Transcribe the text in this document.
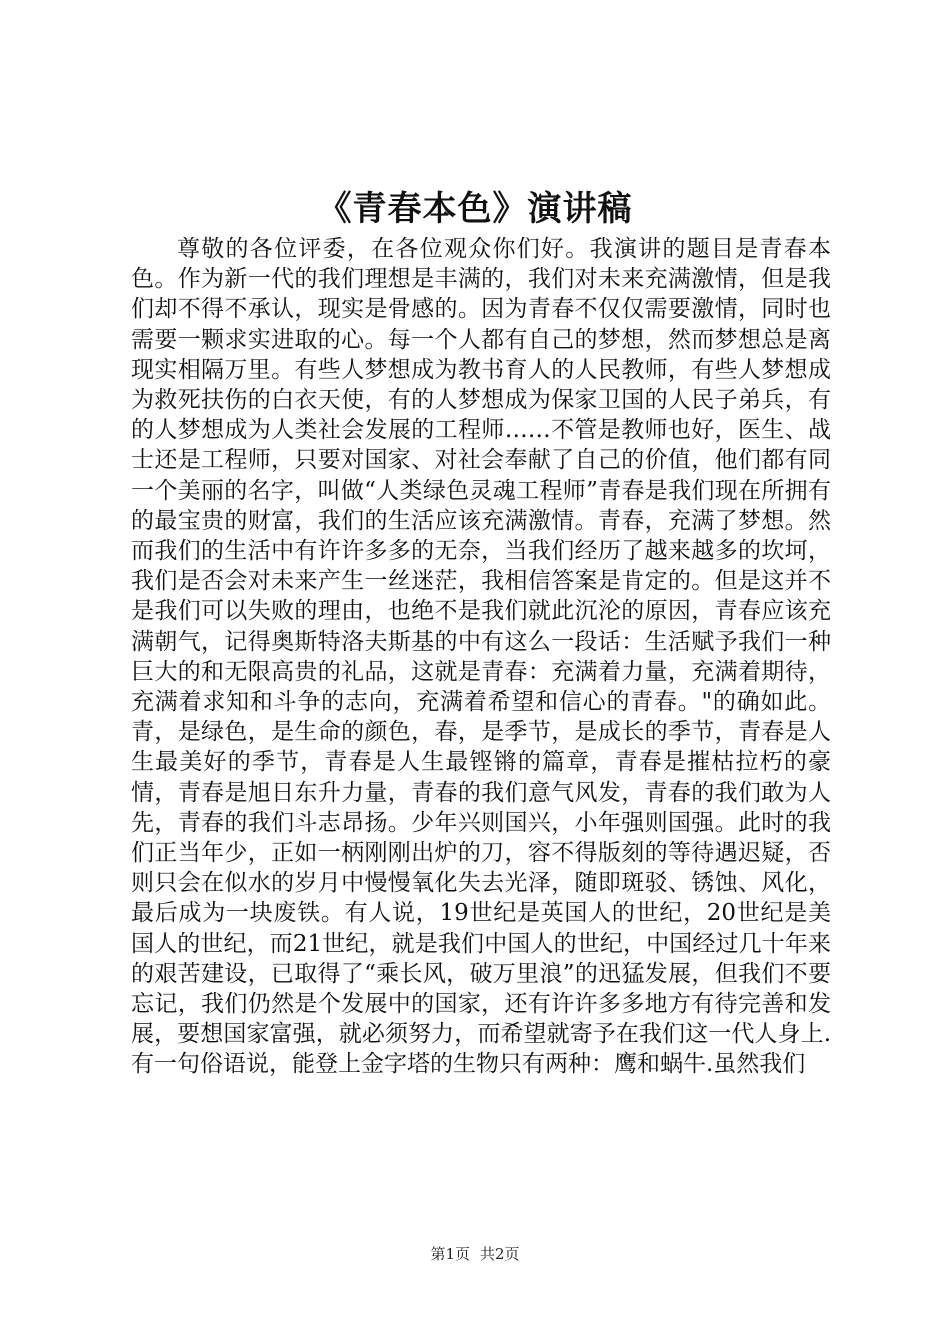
《青春本色》演讲稿

尊敬的各位评委，在各位观众你们好。我演讲的题目是青春本色。作为新一代的我们理想是丰满的，我们对未来充满激情，但是我们却不得不承认，现实是骨感的。因为青春不仅仅需要激情，同时也需要一颗求实进取的心。每一个人都有自己的梦想，然而梦想总是离现实相隔万里。有些人梦想成为教书育人的人民教师，有些人梦想成为救死扶伤的白衣天使，有的人梦想成为保家卫国的人民子弟兵，有的人梦想成为人类社会发展的工程师……不管是教师也好，医生、战士还是工程师，只要对国家、对社会奉献了自己的价值，他们都有同一个美丽的名字，叫做“人类绿色灵魂工程师”青春是我们现在所拥有的最宝贵的财富，我们的生活应该充满激情。青春，充满了梦想。然而我们的生活中有许许多多的无奈，当我们经历了越来越多的坎坷，我们是否会对未来产生一丝迷茫，我相信答案是肯定的。但是这并不是我们可以失败的理由，也绝不是我们就此沉沦的原因，青春应该充满朝气，记得奥斯特洛夫斯基的中有这么一段话：生活赋予我们一种巨大的和无限高贵的礼品，这就是青春：充满着力量，充满着期待，充满着求知和斗争的志向，充满着希望和信心的青春。"的确如此。青，是绿色，是生命的颜色，春，是季节，是成长的季节，青春是人生最美好的季节，青春是人生最铿锵的篇章，青春是摧枯拉朽的豪情，青春是旭日东升力量，青春的我们意气风发，青春的我们敢为人先，青春的我们斗志昂扬。少年兴则国兴，小年强则国强。此时的我们正当年少，正如一柄刚刚出炉的刀，容不得版刻的等待遇迟疑，否则只会在似水的岁月中慢慢氧化失去光泽，随即斑驳、锈蚀、风化，最后成为一块废铁。有人说，19世纪是英国人的世纪，20世纪是美国人的世纪，而21世纪，就是我们中国人的世纪，中国经过几十年来的艰苦建设，已取得了“乘长风，破万里浪”的迅猛发展，但我们不要忘记，我们仍然是个发展中的国家，还有许许多多地方有待完善和发展，要想国家富强，就必须努力，而希望就寄予在我们这一代人身上.有一句俗语说，能登上金字塔的生物只有两种：鹰和蜗牛.虽然我们

第1页 共2页
